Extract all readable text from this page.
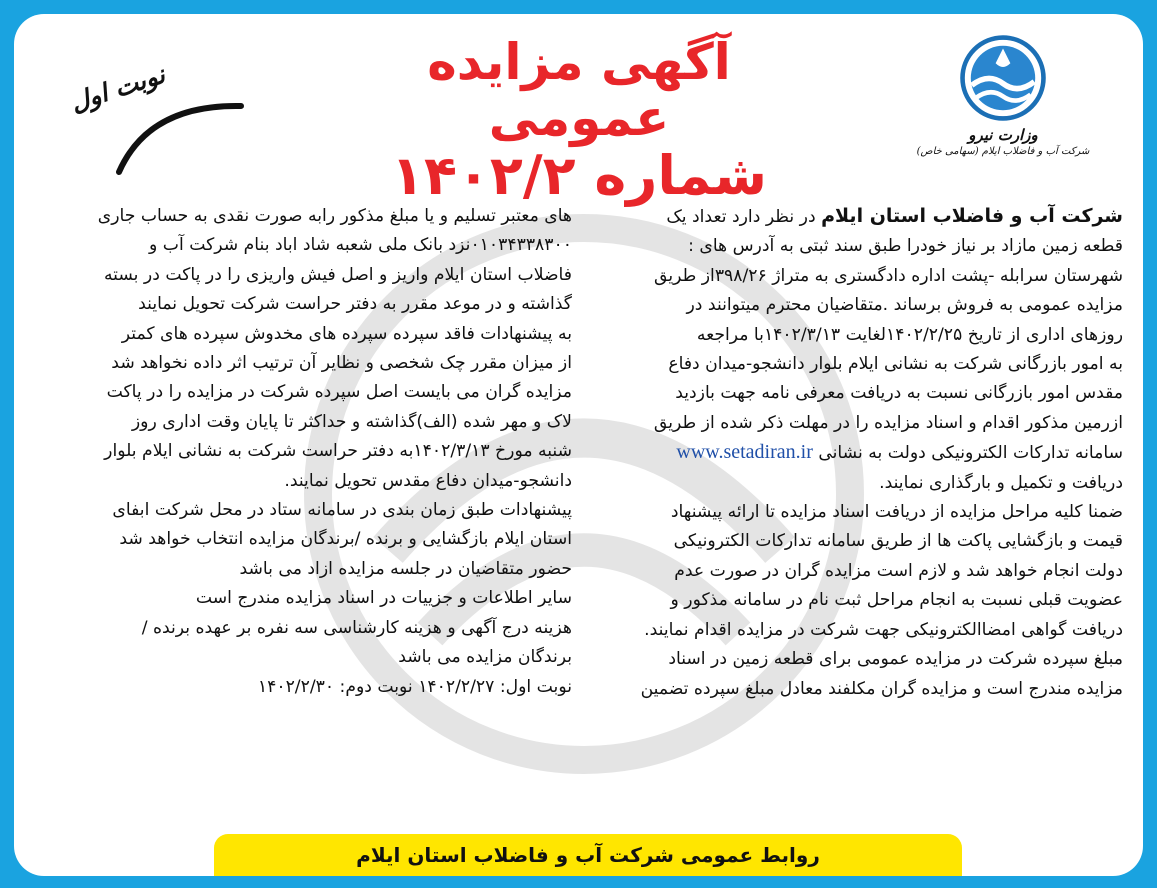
وزارت نیرو
شرکت آب و فاضلاب ایلام (سهامی خاص)
آگهی مزایده عمومی
شماره ۱۴۰۲/۲
نوبت اول

شرکت آب و فاضلاب استان ایلام در نظر دارد تعداد یک
قطعه زمین مازاد بر نیاز خودرا طبق سند ثبتی به آدرس های :
شهرستان سرابله -پشت اداره دادگستری به متراژ ۳۹۸/۲۶از طریق
مزایده عمومی به فروش برساند .متقاضیان محترم میتوانند در
روزهای اداری از تاریخ ۱۴۰۲/۲/۲۵لغایت ۱۴۰۲/۳/۱۳با مراجعه
به امور بازرگانی شرکت به نشانی ایلام بلوار دانشجو-میدان دفاع
مقدس امور بازرگانی نسبت به دریافت معرفی نامه جهت بازدید
ازرمین مذکور اقدام و اسناد مزایده را در مهلت ذکر شده از طریق
سامانه تدارکات الکترونیکی دولت به نشانی www.setadiran.ir
دریافت و تکمیل و بارگذاری نمایند.
ضمنا کلیه مراحل مزایده از دریافت اسناد مزایده تا ارائه پیشنهاد
قیمت و بازگشایی پاکت ها از طریق سامانه تدارکات الکترونیکی
دولت انجام خواهد شد و لازم است مزایده گران در صورت عدم
عضویت قبلی نسبت به انجام مراحل ثبت نام در سامانه مذکور و
دریافت گواهی امضاالکترونیکی جهت شرکت در مزایده اقدام نمایند.
مبلغ سپرده شرکت در مزایده عمومی برای قطعه زمین در اسناد
مزایده مندرج است و مزایده گران مکلفند معادل مبلغ سپرده تضمین

های معتبر تسلیم و یا مبلغ مذکور رابه صورت نقدی به حساب جاری
۰۱۰۳۴۳۳۸۳۰۰نزد بانک ملی شعبه شاد اباد بنام شرکت آب و
فاضلاب استان ایلام واریز و اصل فیش واریزی را در پاکت در بسته
گذاشته و در موعد مقرر به دفتر حراست شرکت تحویل نمایند
به پیشنهادات فاقد سپرده سپرده های مخدوش سپرده های کمتر
از میزان مقرر چک شخصی و نظایر آن ترتیب اثر داده نخواهد شد
مزایده گران می بایست اصل سپرده شرکت در مزایده را در پاکت
لاک و مهر شده (الف)گذاشته و حداکثر تا پایان وقت اداری روز
شنبه مورخ ۱۴۰۲/۳/۱۳به دفتر حراست شرکت به نشانی ایلام بلوار
دانشجو-میدان دفاع مقدس تحویل نمایند.
پیشنهادات طبق زمان بندی در سامانه ستاد در محل شرکت ابفای
استان ایلام بازگشایی و برنده /برندگان مزایده انتخاب خواهد شد
حضور متقاضیان در جلسه مزایده ازاد می باشد
سایر اطلاعات و جزییات در اسناد مزایده مندرج است
هزینه درج آگهی و هزینه کارشناسی سه نفره بر عهده برنده /
برندگان مزایده می باشد
نوبت اول: ۱۴۰۲/۲/۲۷ نوبت دوم: ۱۴۰۲/۲/۳۰

روابط عمومی شرکت آب و فاضلاب استان ایلام
